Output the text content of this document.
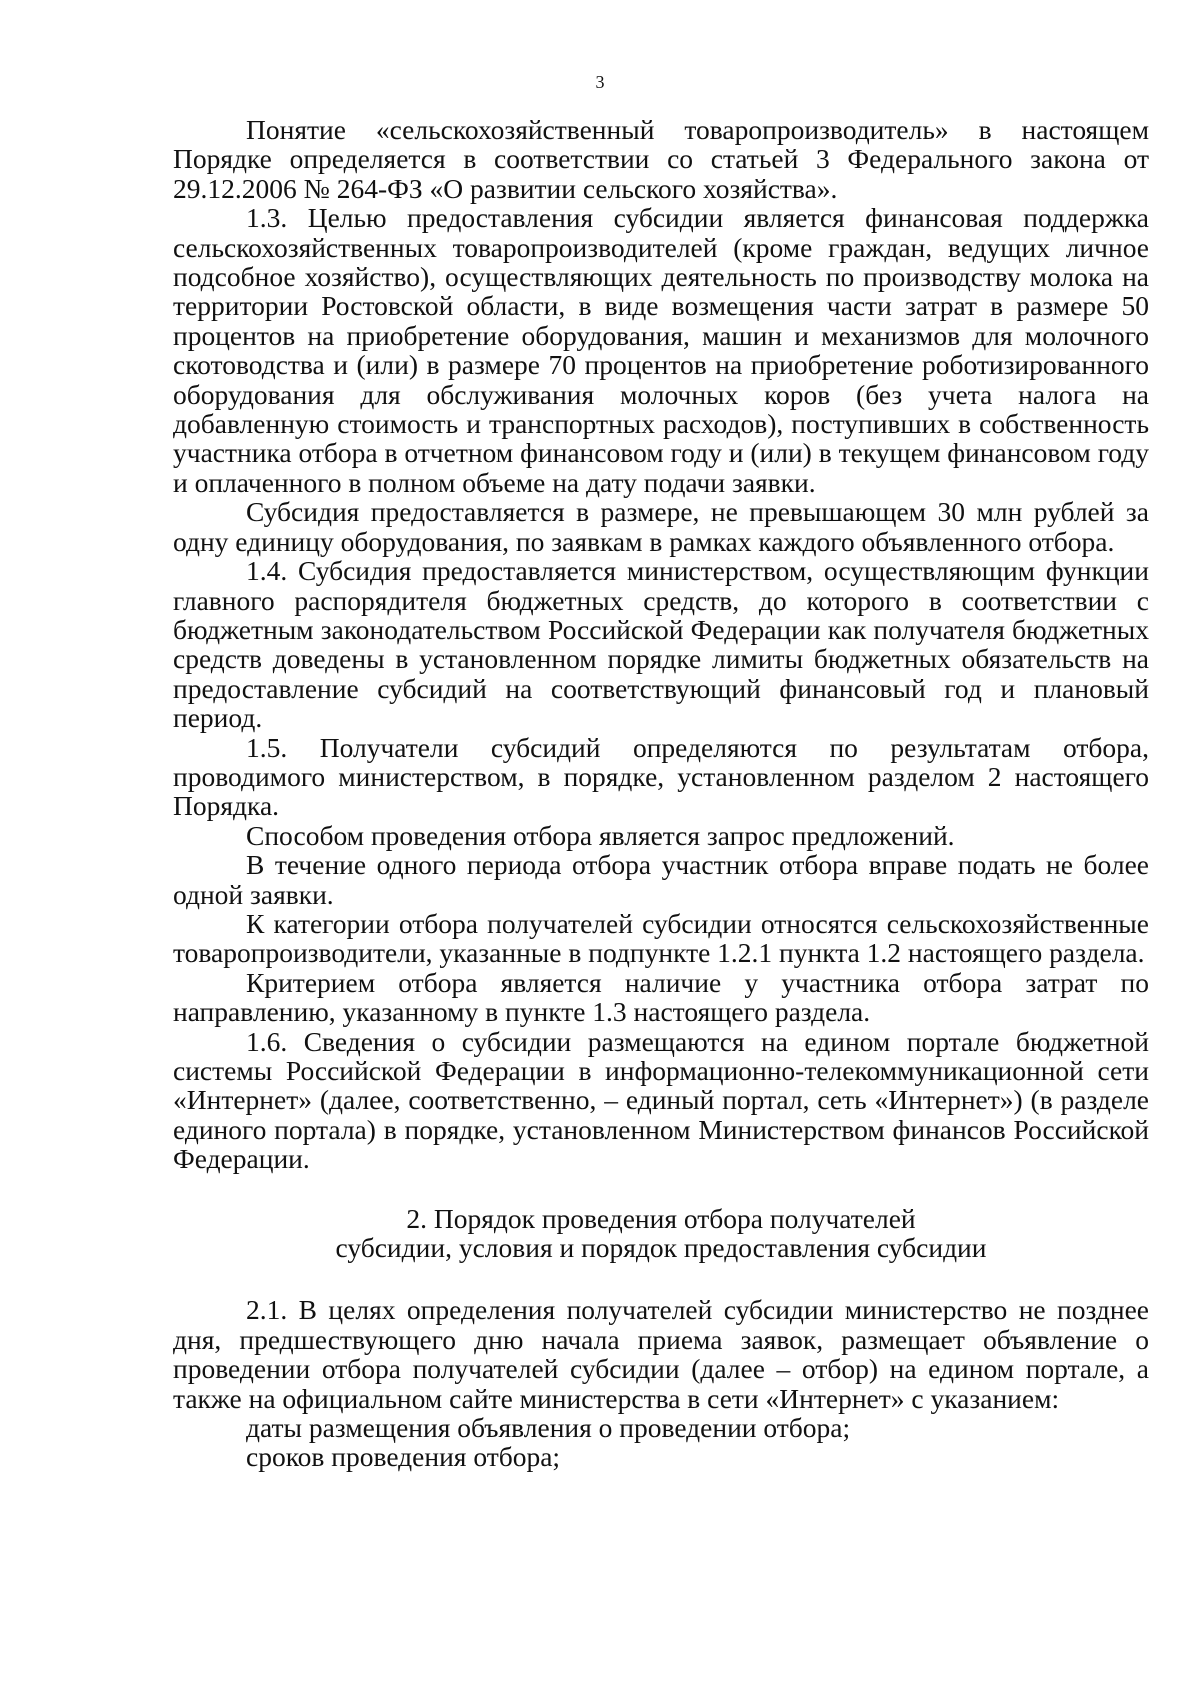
3

Понятие «сельскохозяйственный товаропроизводитель» в настоящем Порядке определяется в соответствии со статьей 3 Федерального закона от 29.12.2006 № 264-ФЗ «О развитии сельского хозяйства».

1.3. Целью предоставления субсидии является финансовая поддержка сельскохозяйственных товаропроизводителей (кроме граждан, ведущих личное подсобное хозяйство), осуществляющих деятельность по производству молока на территории Ростовской области, в виде возмещения части затрат в размере 50 процентов на приобретение оборудования, машин и механизмов для молочного скотоводства и (или) в размере 70 процентов на приобретение роботизированного оборудования для обслуживания молочных коров (без учета налога на добавленную стоимость и транспортных расходов), поступивших в собственность участника отбора в отчетном финансовом году и (или) в текущем финансовом году и оплаченного в полном объеме на дату подачи заявки.

Субсидия предоставляется в размере, не превышающем 30 млн рублей за одну единицу оборудования, по заявкам в рамках каждого объявленного отбора.

1.4. Субсидия предоставляется министерством, осуществляющим функции главного распорядителя бюджетных средств, до которого в соответствии с бюджетным законодательством Российской Федерации как получателя бюджетных средств доведены в установленном порядке лимиты бюджетных обязательств на предоставление субсидий на соответствующий финансовый год и плановый период.

1.5. Получатели субсидий определяются по результатам отбора, проводимого министерством, в порядке, установленном разделом 2 настоящего Порядка.

Способом проведения отбора является запрос предложений.

В течение одного периода отбора участник отбора вправе подать не более одной заявки.

К категории отбора получателей субсидии относятся сельскохозяйственные товаропроизводители, указанные в подпункте 1.2.1 пункта 1.2 настоящего раздела.

Критерием отбора является наличие у участника отбора затрат по направлению, указанному в пункте 1.3 настоящего раздела.

1.6. Сведения о субсидии размещаются на едином портале бюджетной системы Российской Федерации в информационно-телекоммуникационной сети «Интернет» (далее, соответственно, – единый портал, сеть «Интернет») (в разделе единого портала) в порядке, установленном Министерством финансов Российской Федерации.

2. Порядок проведения отбора получателей
субсидии, условия и порядок предоставления субсидии

2.1. В целях определения получателей субсидии министерство не позднее дня, предшествующего дню начала приема заявок, размещает объявление о проведении отбора получателей субсидии (далее – отбор) на едином портале, а также на официальном сайте министерства в сети «Интернет» с указанием:

даты размещения объявления о проведении отбора;

сроков проведения отбора;
